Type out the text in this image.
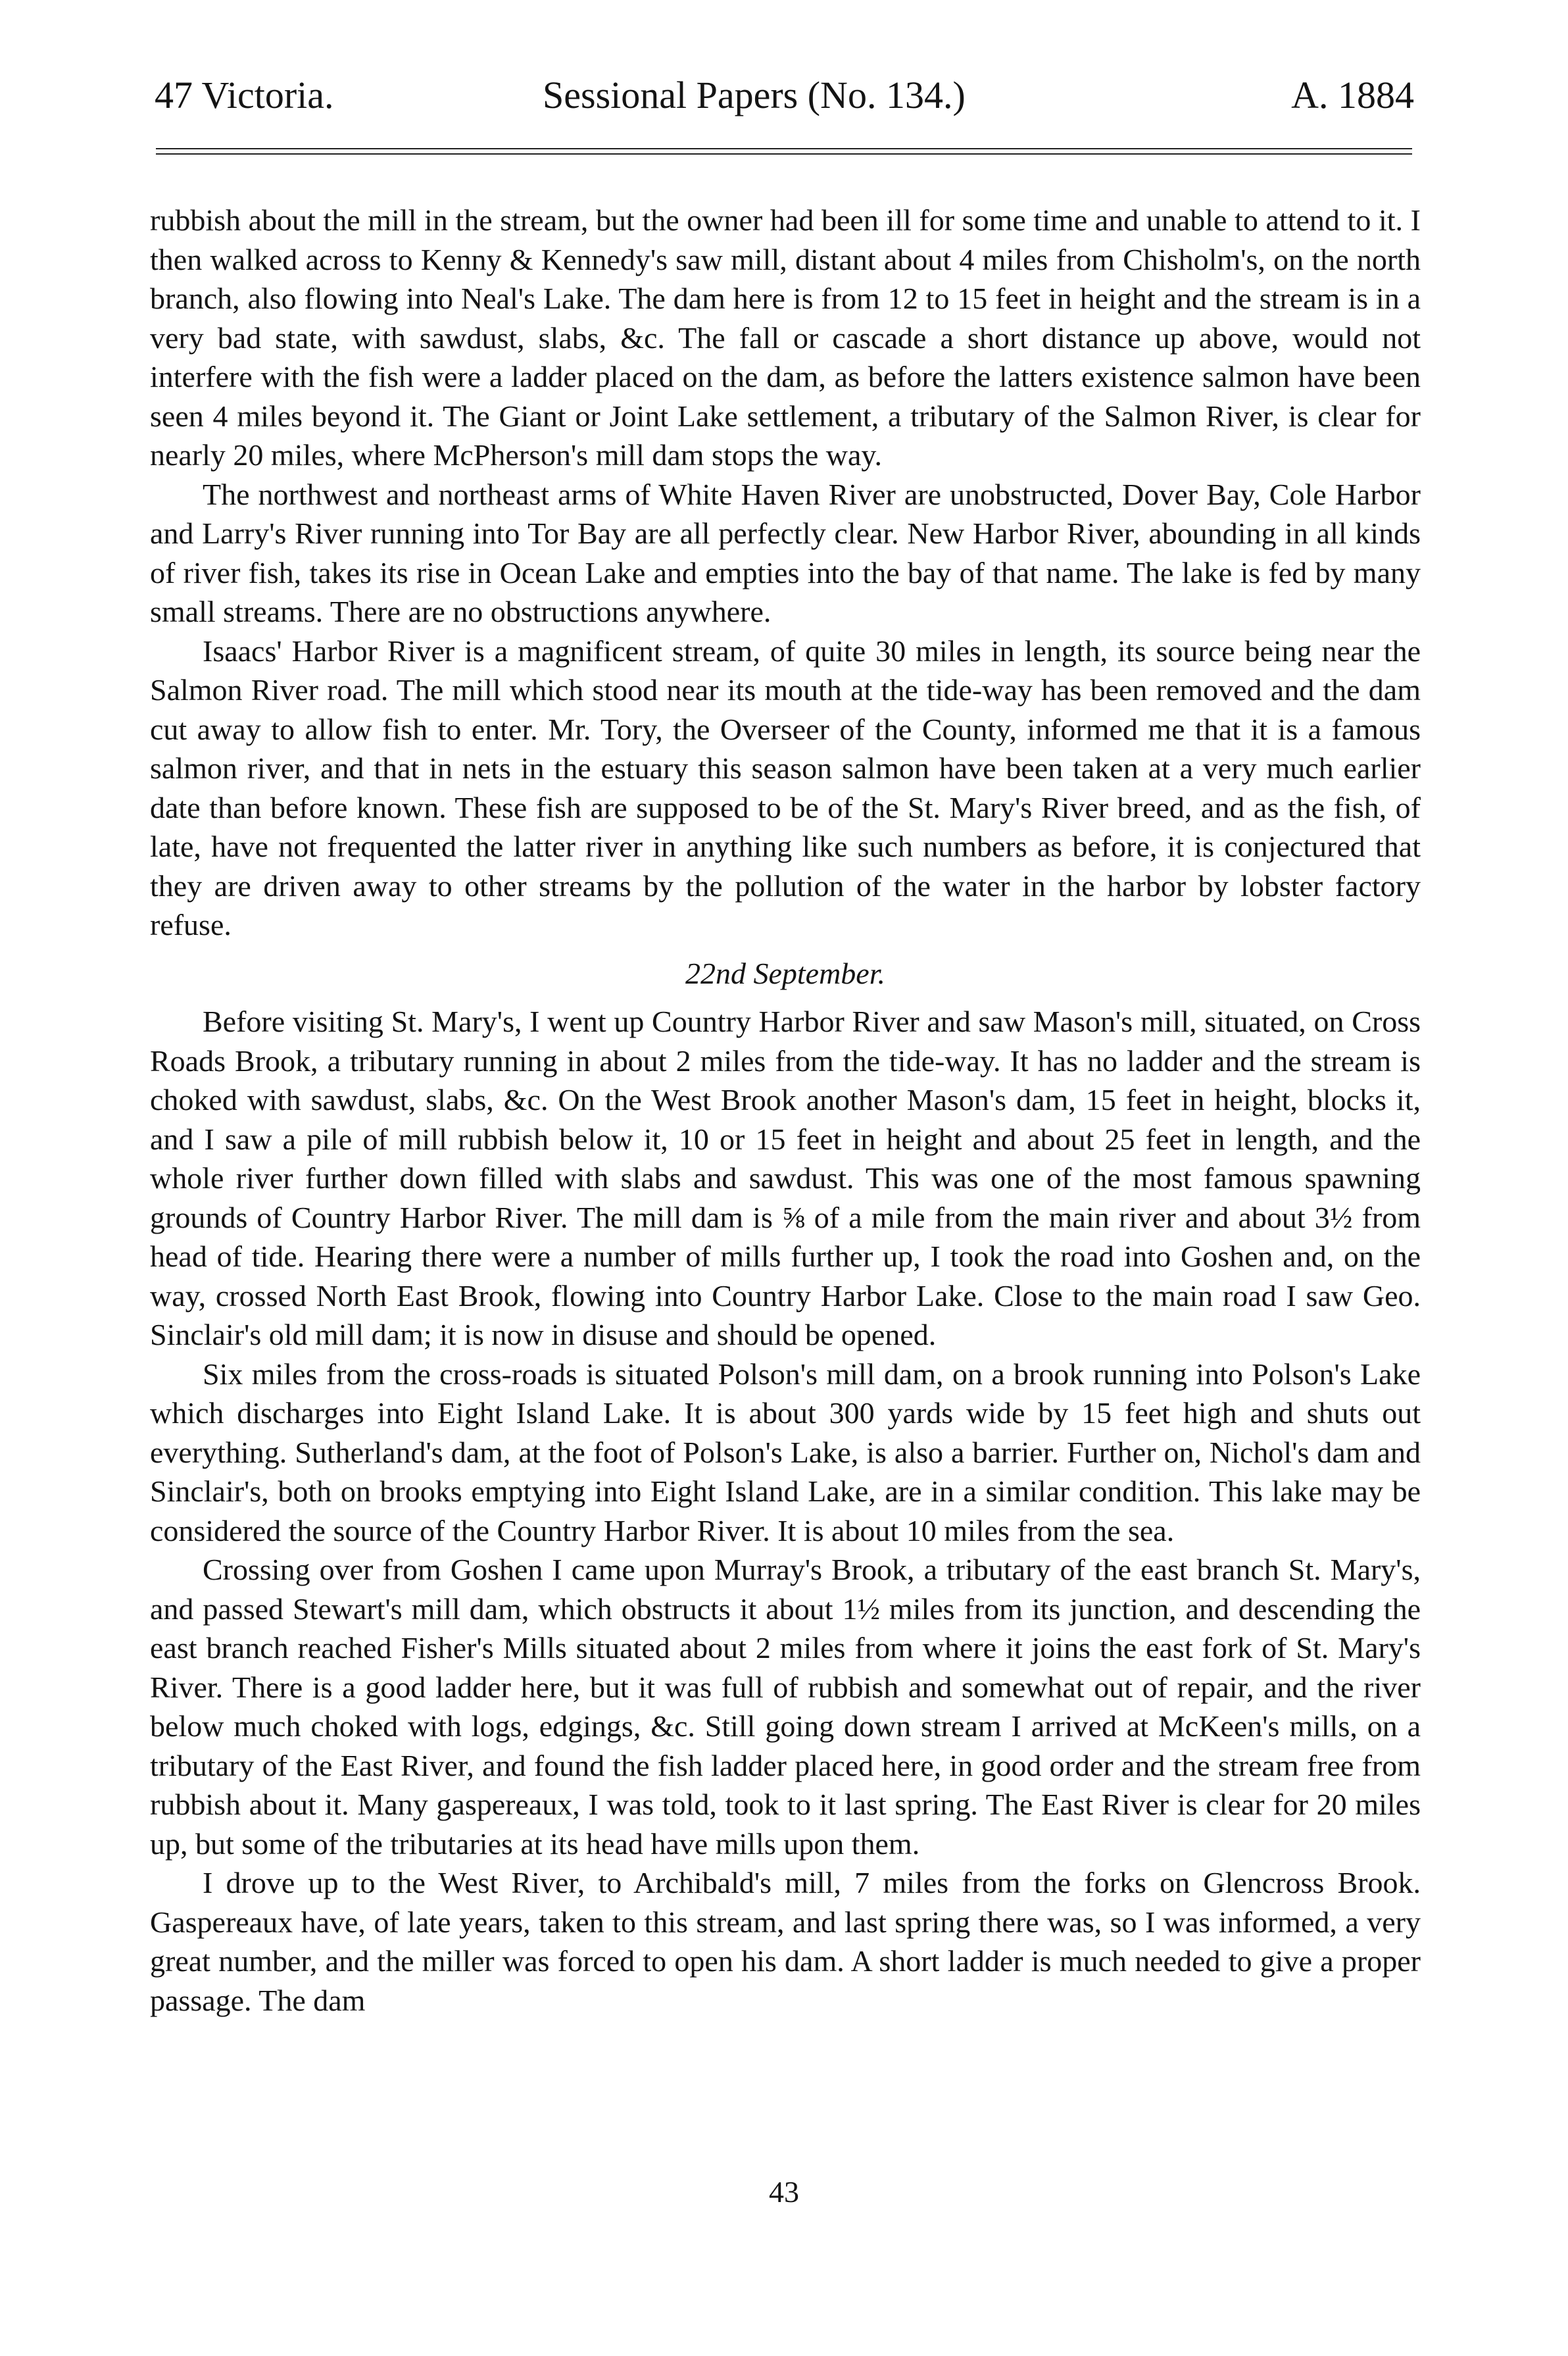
47 Victoria.	Sessional Papers (No. 134.)	A. 1884

rubbish about the mill in the stream, but the owner had been ill for some time and unable to attend to it. I then walked across to Kenny & Kennedy's saw mill, distant about 4 miles from Chisholm's, on the north branch, also flowing into Neal's Lake. The dam here is from 12 to 15 feet in height and the stream is in a very bad state, with sawdust, slabs, &c. The fall or cascade a short distance up above, would not interfere with the fish were a ladder placed on the dam, as before the latters existence salmon have been seen 4 miles beyond it. The Giant or Joint Lake settlement, a tributary of the Salmon River, is clear for nearly 20 miles, where McPherson's mill dam stops the way.

The northwest and northeast arms of White Haven River are unobstructed, Dover Bay, Cole Harbor and Larry's River running into Tor Bay are all perfectly clear. New Harbor River, abounding in all kinds of river fish, takes its rise in Ocean Lake and empties into the bay of that name. The lake is fed by many small streams. There are no obstructions anywhere.

Isaacs' Harbor River is a magnificent stream, of quite 30 miles in length, its source being near the Salmon River road. The mill which stood near its mouth at the tide-way has been removed and the dam cut away to allow fish to enter. Mr. Tory, the Overseer of the County, informed me that it is a famous salmon river, and that in nets in the estuary this season salmon have been taken at a very much earlier date than before known. These fish are supposed to be of the St. Mary's River breed, and as the fish, of late, have not frequented the latter river in anything like such numbers as before, it is conjectured that they are driven away to other streams by the pollution of the water in the harbor by lobster factory refuse.

22nd September.

Before visiting St. Mary's, I went up Country Harbor River and saw Mason's mill, situated, on Cross Roads Brook, a tributary running in about 2 miles from the tide-way. It has no ladder and the stream is choked with sawdust, slabs, &c. On the West Brook another Mason's dam, 15 feet in height, blocks it, and I saw a pile of mill rubbish below it, 10 or 15 feet in height and about 25 feet in length, and the whole river further down filled with slabs and sawdust. This was one of the most famous spawning grounds of Country Harbor River. The mill dam is ⅝ of a mile from the main river and about 3½ from head of tide. Hearing there were a number of mills further up, I took the road into Goshen and, on the way, crossed North East Brook, flowing into Country Harbor Lake. Close to the main road I saw Geo. Sinclair's old mill dam; it is now in disuse and should be opened.

Six miles from the cross-roads is situated Polson's mill dam, on a brook running into Polson's Lake which discharges into Eight Island Lake. It is about 300 yards wide by 15 feet high and shuts out everything. Sutherland's dam, at the foot of Polson's Lake, is also a barrier. Further on, Nichol's dam and Sinclair's, both on brooks emptying into Eight Island Lake, are in a similar condition. This lake may be considered the source of the Country Harbor River. It is about 10 miles from the sea.

Crossing over from Goshen I came upon Murray's Brook, a tributary of the east branch St. Mary's, and passed Stewart's mill dam, which obstructs it about 1½ miles from its junction, and descending the east branch reached Fisher's Mills situated about 2 miles from where it joins the east fork of St. Mary's River. There is a good ladder here, but it was full of rubbish and somewhat out of repair, and the river below much choked with logs, edgings, &c. Still going down stream I arrived at McKeen's mills, on a tributary of the East River, and found the fish ladder placed here, in good order and the stream free from rubbish about it. Many gaspereaux, I was told, took to it last spring. The East River is clear for 20 miles up, but some of the tributaries at its head have mills upon them.

I drove up to the West River, to Archibald's mill, 7 miles from the forks on Glencross Brook. Gaspereaux have, of late years, taken to this stream, and last spring there was, so I was informed, a very great number, and the miller was forced to open his dam. A short ladder is much needed to give a proper passage. The dam

43
